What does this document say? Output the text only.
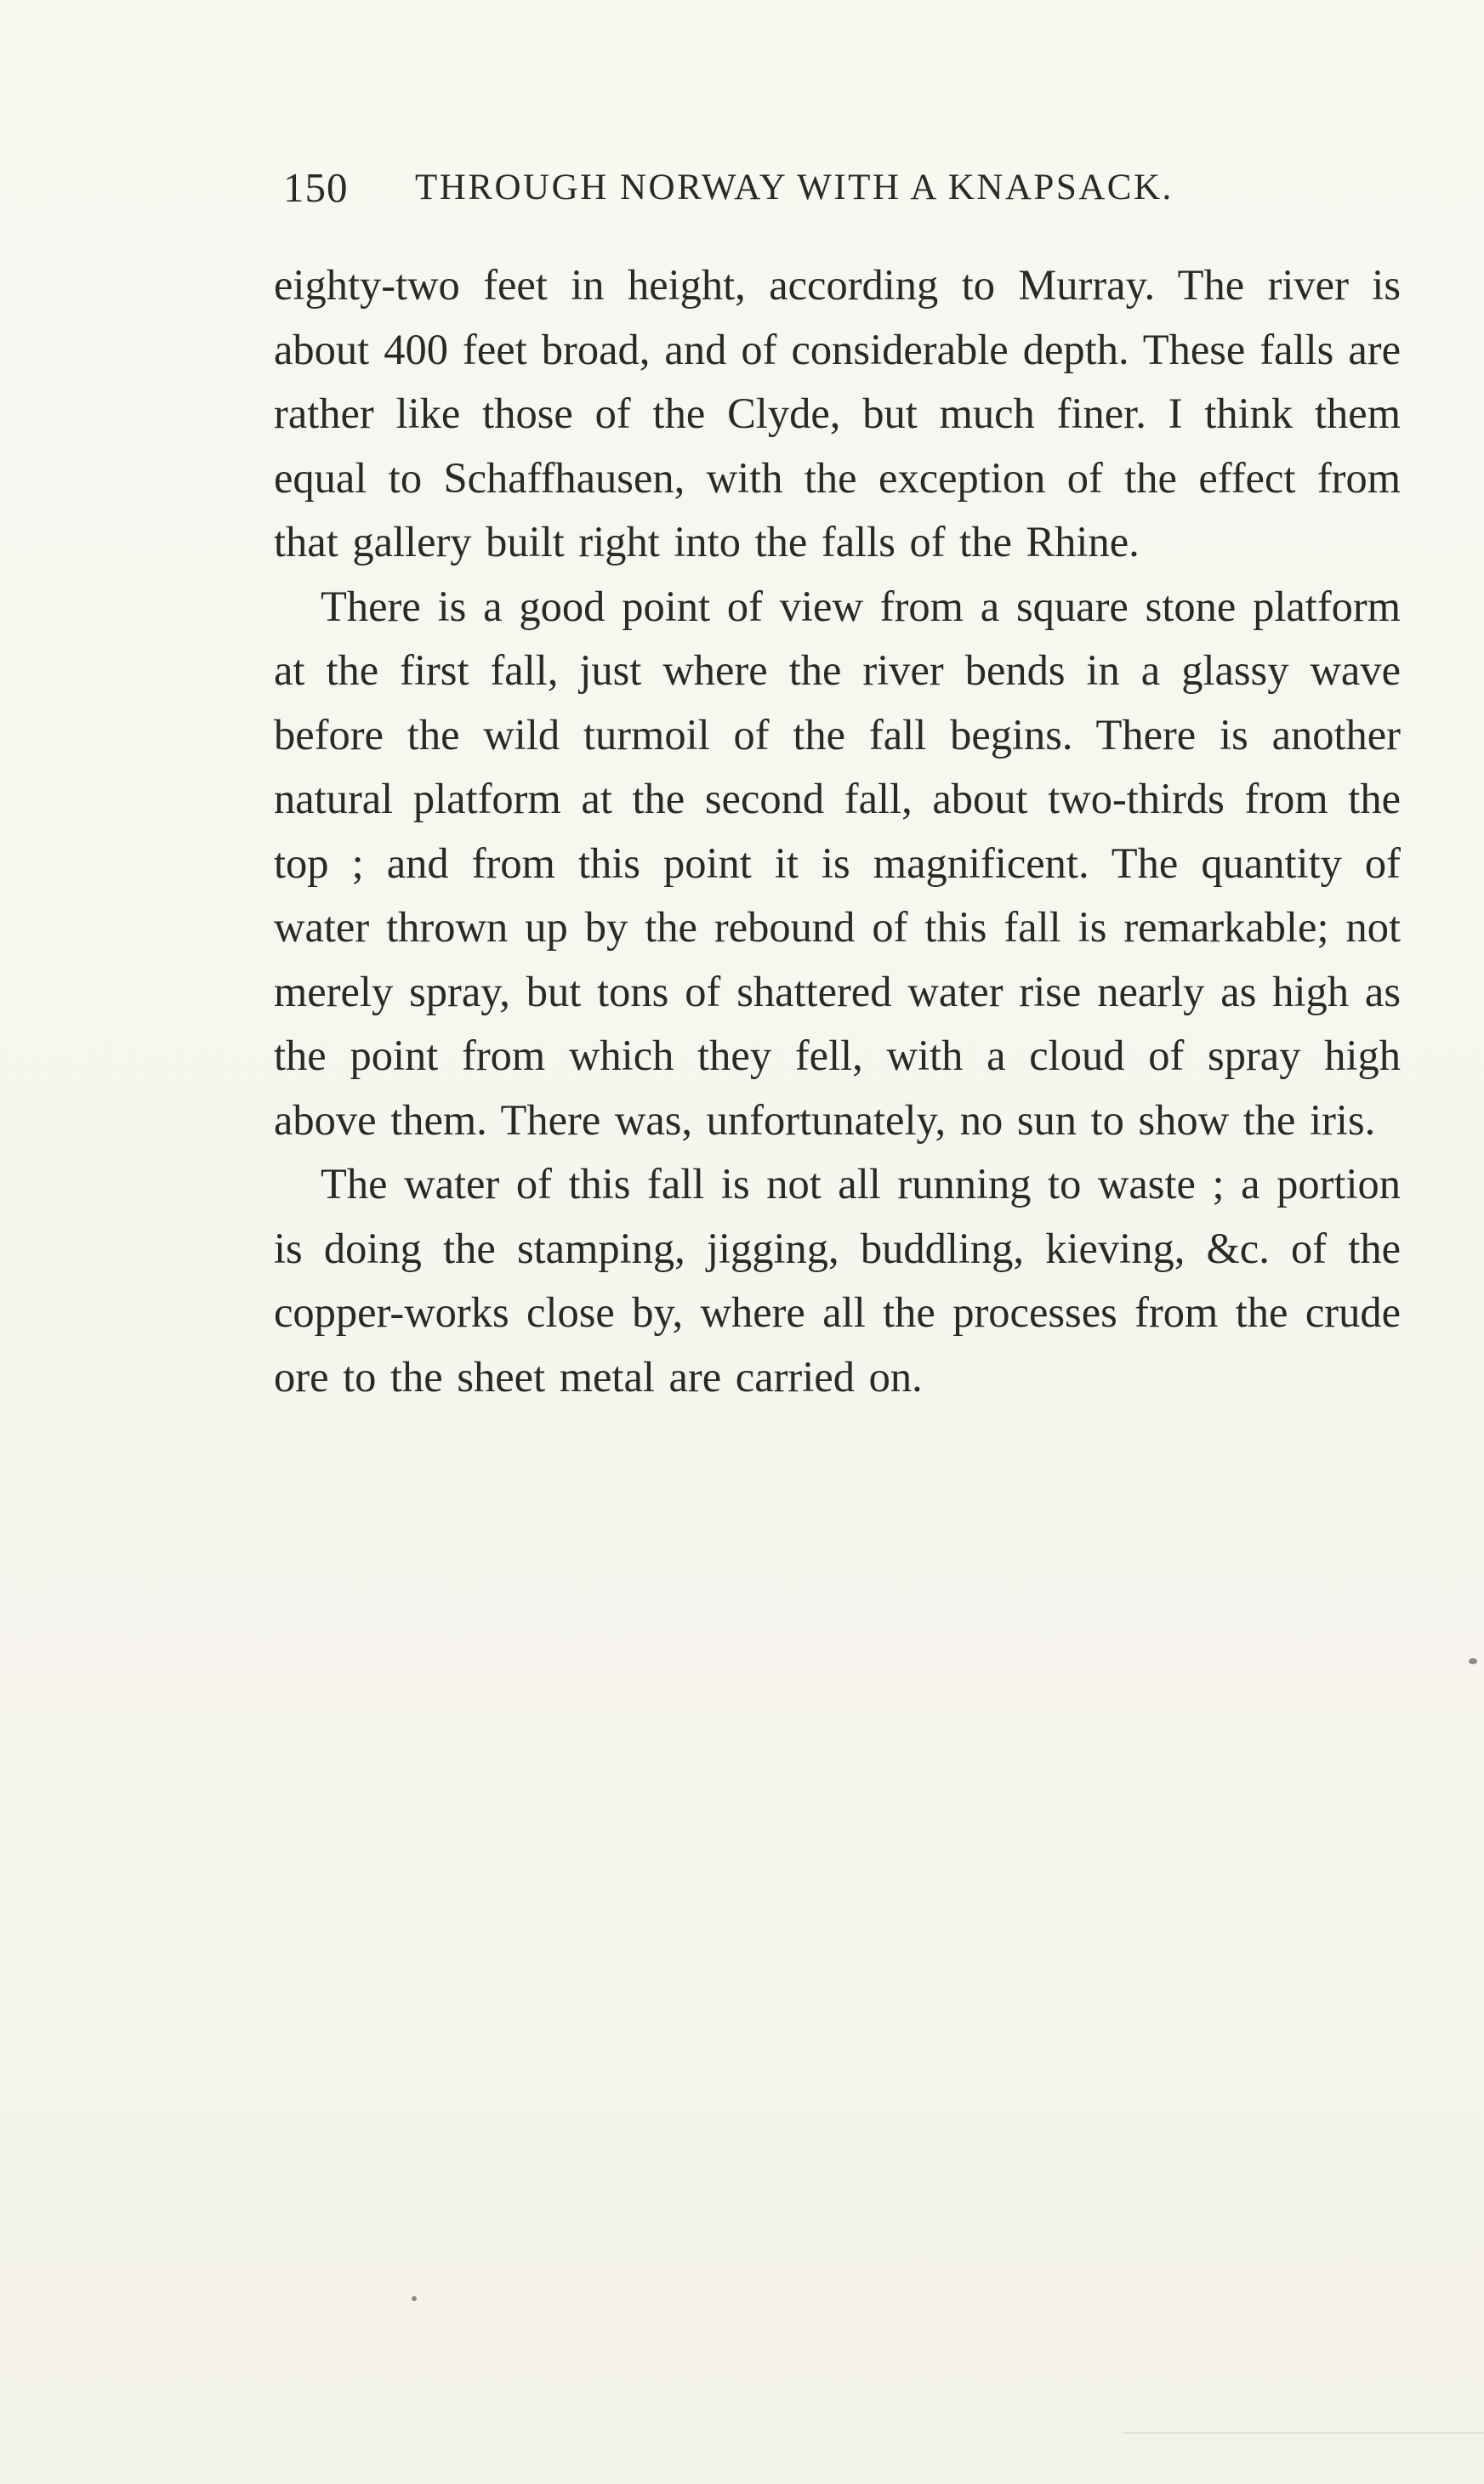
150 THROUGH NORWAY WITH A KNAPSACK.

eighty-two feet in height, according to Murray. The river is about 400 feet broad, and of considerable depth. These falls are rather like those of the Clyde, but much finer. I think them equal to Schaffhausen, with the exception of the effect from that gallery built right into the falls of the Rhine.

There is a good point of view from a square stone platform at the first fall, just where the river bends in a glassy wave before the wild turmoil of the fall begins. There is another natural platform at the second fall, about two-thirds from the top ; and from this point it is magnificent. The quantity of water thrown up by the rebound of this fall is remarkable; not merely spray, but tons of shattered water rise nearly as high as the point from which they fell, with a cloud of spray high above them. There was, unfortunately, no sun to show the iris.

The water of this fall is not all running to waste ; a portion is doing the stamping, jigging, buddling, kieving, &c. of the copper-works close by, where all the processes from the crude ore to the sheet metal are carried on.
